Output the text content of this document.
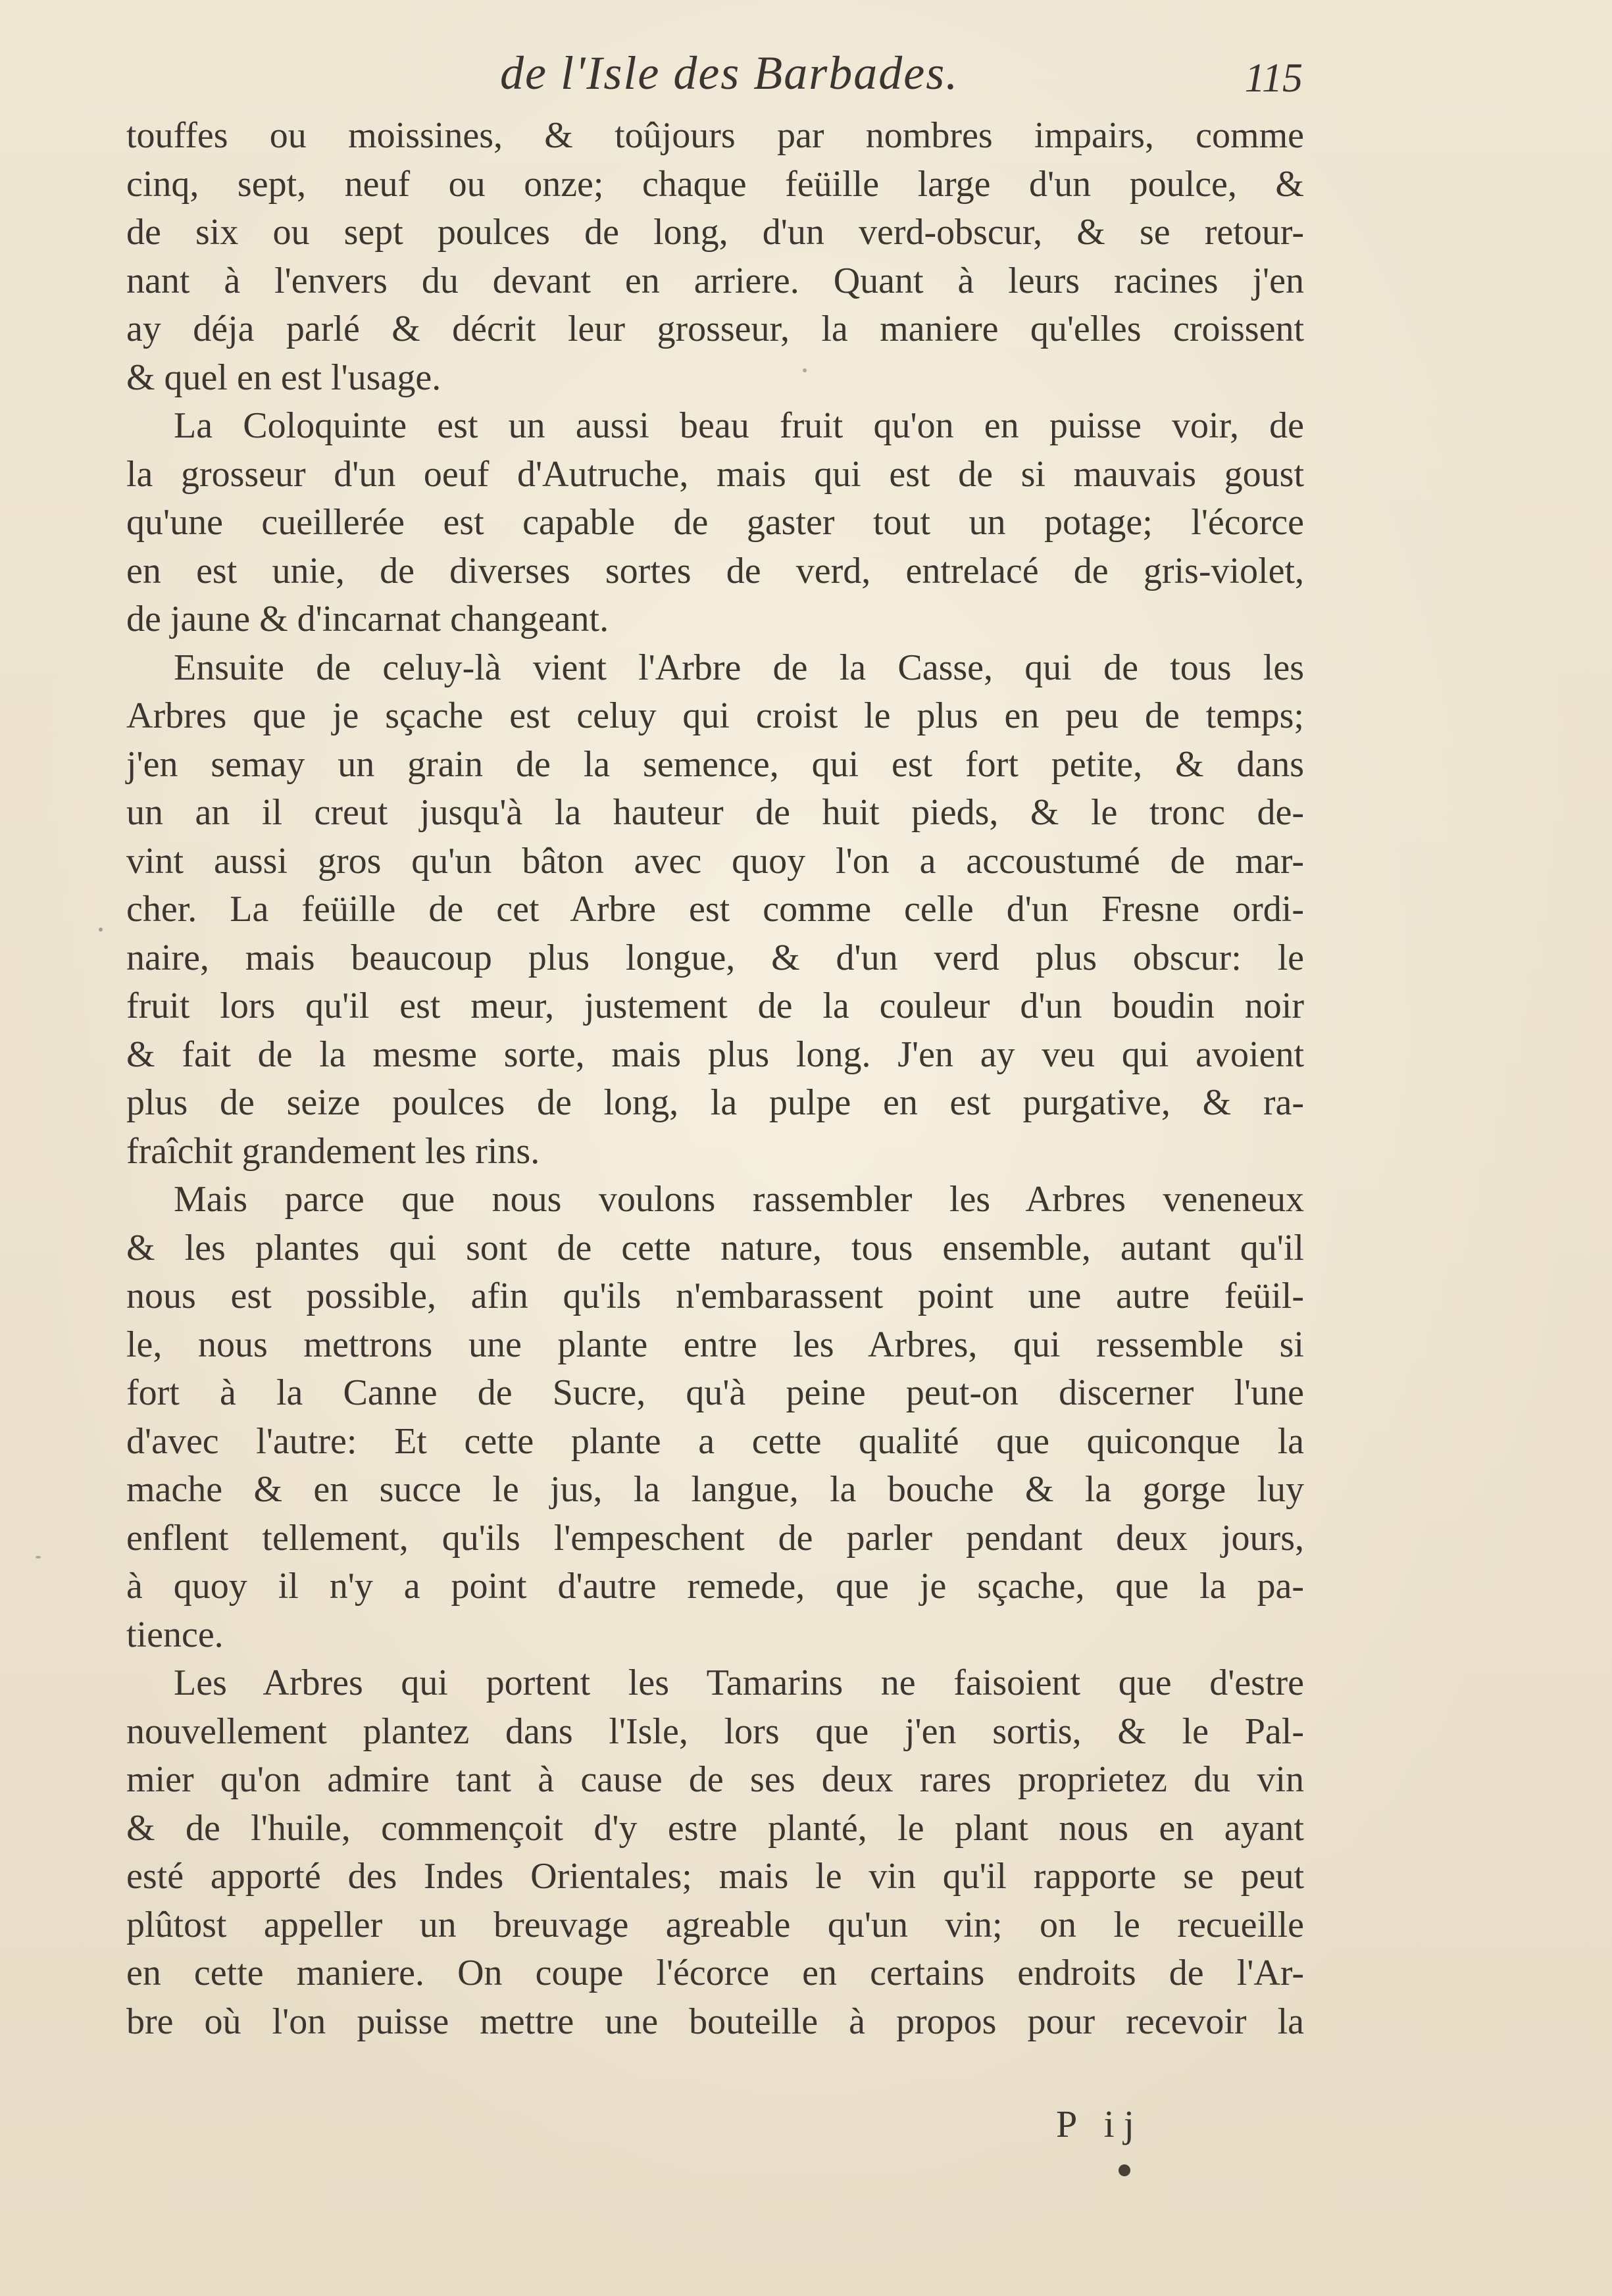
de l'Isle des Barbades.	115

touffes ou moissines, & toûjours par nombres impairs, comme
cinq, sept, neuf ou onze; chaque feüille large d'un poulce, &
de six ou sept poulces de long, d'un verd-obscur, & se retour-
nant à l'envers du devant en arriere. Quant à leurs racines j'en
ay déja parlé & décrit leur grosseur, la maniere qu'elles croissent
& quel en est l'usage.

La Coloquinte est un aussi beau fruit qu'on en puisse voir, de
la grosseur d'un oeuf d'Autruche, mais qui est de si mauvais goust
qu'une cueillerée est capable de gaster tout un potage; l'écorce
en est unie, de diverses sortes de verd, entrelacé de gris-violet,
de jaune & d'incarnat changeant.

Ensuite de celuy-là vient l'Arbre de la Casse, qui de tous les
Arbres que je sçache est celuy qui croist le plus en peu de temps;
j'en semay un grain de la semence, qui est fort petite, & dans
un an il creut jusqu'à la hauteur de huit pieds, & le tronc de-
vint aussi gros qu'un bâton avec quoy l'on a accoustumé de mar-
cher. La feüille de cet Arbre est comme celle d'un Fresne ordi-
naire, mais beaucoup plus longue, & d'un verd plus obscur: le
fruit lors qu'il est meur, justement de la couleur d'un boudin noir
& fait de la mesme sorte, mais plus long. J'en ay veu qui avoient
plus de seize poulces de long, la pulpe en est purgative, & ra-
fraîchit grandement les rins.

Mais parce que nous voulons rassembler les Arbres veneneux
& les plantes qui sont de cette nature, tous ensemble, autant qu'il
nous est possible, afin qu'ils n'embarassent point une autre feüil-
le, nous mettrons une plante entre les Arbres, qui ressemble si
fort à la Canne de Sucre, qu'à peine peut-on discerner l'une
d'avec l'autre: Et cette plante a cette qualité que quiconque la
mache & en succe le jus, la langue, la bouche & la gorge luy
enflent tellement, qu'ils l'empeschent de parler pendant deux jours,
à quoy il n'y a point d'autre remede, que je sçache, que la pa-
tience.

Les Arbres qui portent les Tamarins ne faisoient que d'estre
nouvellement plantez dans l'Isle, lors que j'en sortis, & le Pal-
mier qu'on admire tant à cause de ses deux rares proprietez du vin
& de l'huile, commençoit d'y estre planté, le plant nous en ayant
esté apporté des Indes Orientales; mais le vin qu'il rapporte se peut
plûtost appeller un breuvage agreable qu'un vin; on le recueille
en cette maniere. On coupe l'écorce en certains endroits de l'Ar-
bre où l'on puisse mettre une bouteille à propos pour recevoir la

P ij
